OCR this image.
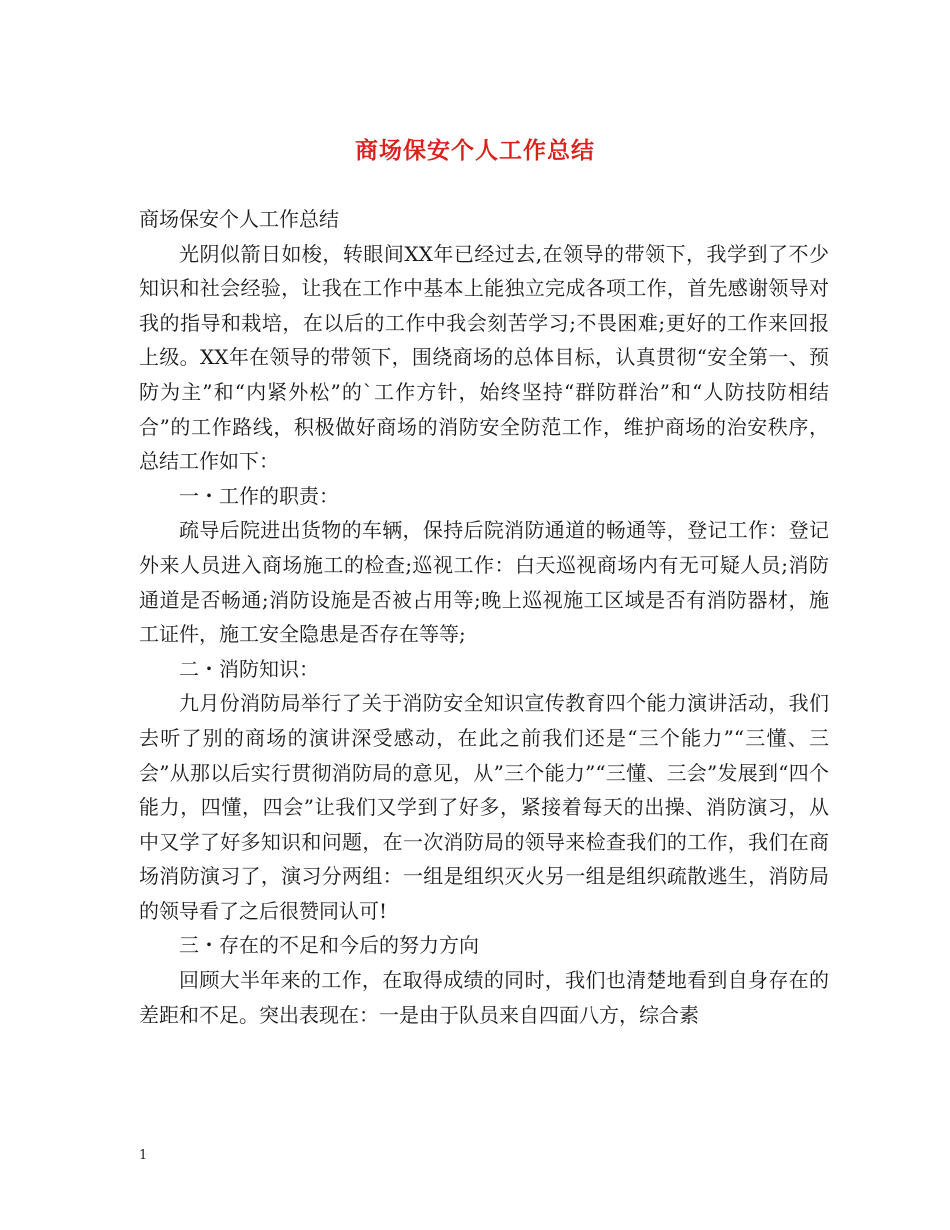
商场保安个人工作总结

商场保安个人工作总结

光阴似箭日如梭，转眼间XX年已经过去,在领导的带领下，我学到了不少知识和社会经验，让我在工作中基本上能独立完成各项工作，首先感谢领导对我的指导和栽培，在以后的工作中我会刻苦学习;不畏困难;更好的工作来回报上级。XX年在领导的带领下，围绕商场的总体目标，认真贯彻“安全第一、预防为主”和“内紧外松”的`工作方针，始终坚持“群防群治”和“人防技防相结合”的工作路线，积极做好商场的消防安全防范工作，维护商场的治安秩序，总结工作如下：

一・工作的职责：

疏导后院进出货物的车辆，保持后院消防通道的畅通等，登记工作：登记外来人员进入商场施工的检查;巡视工作：白天巡视商场内有无可疑人员;消防通道是否畅通;消防设施是否被占用等;晚上巡视施工区域是否有消防器材，施工证件，施工安全隐患是否存在等等;

二・消防知识：

九月份消防局举行了关于消防安全知识宣传教育四个能力演讲活动，我们去听了别的商场的演讲深受感动，在此之前我们还是“三个能力”“三懂、三会”从那以后实行贯彻消防局的意见，从”三个能力”“三懂、三会”发展到“四个能力，四懂，四会”让我们又学到了好多，紧接着每天的出操、消防演习，从中又学了好多知识和问题，在一次消防局的领导来检查我们的工作，我们在商场消防演习了，演习分两组：一组是组织灭火另一组是组织疏散逃生，消防局的领导看了之后很赞同认可!

三・存在的不足和今后的努力方向

回顾大半年来的工作，在取得成绩的同时，我们也清楚地看到自身存在的差距和不足。突出表现在：一是由于队员来自四面八方，综合素

1
